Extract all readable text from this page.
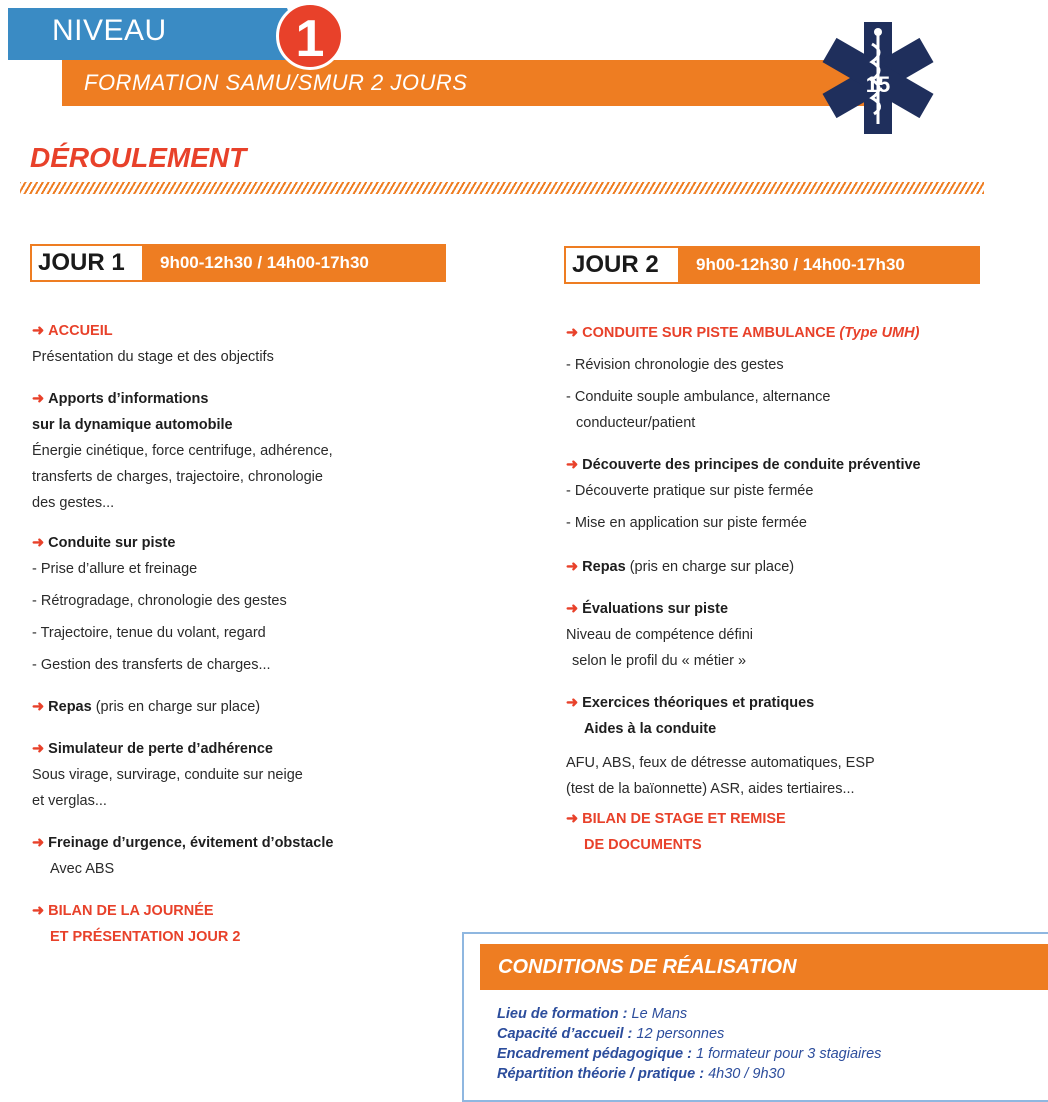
NIVEAU	1
FORMATION SAMU/SMUR 2 JOURS	15
DÉROULEMENT
JOUR 1	9h00-12h30 / 14h00-17h30
➜ ACCUEIL
Présentation du stage et des objectifs
➜ Apports d’informations
sur la dynamique automobile
Énergie cinétique, force centrifuge, adhérence,
transferts de charges, trajectoire, chronologie
des gestes...
➜ Conduite sur piste
- Prise d’allure et freinage
- Rétrogradage, chronologie des gestes
- Trajectoire, tenue du volant, regard
- Gestion des transferts de charges...
➜ Repas (pris en charge sur place)
➜ Simulateur de perte d’adhérence
Sous virage, survirage, conduite sur neige
et verglas...
➜ Freinage d’urgence, évitement d’obstacle
Avec ABS
➜ BILAN DE LA JOURNÉE
ET PRÉSENTATION JOUR 2
JOUR 2	9h00-12h30 / 14h00-17h30
➜ CONDUITE SUR PISTE AMBULANCE (Type UMH)
- Révision chronologie des gestes
- Conduite souple ambulance, alternance
conducteur/patient
➜ Découverte des principes de conduite préventive
- Découverte pratique sur piste fermée
- Mise en application sur piste fermée
➜ Repas (pris en charge sur place)
➜ Évaluations sur piste
Niveau de compétence défini
selon le profil du « métier »
➜ Exercices théoriques et pratiques
Aides à la conduite
AFU, ABS, feux de détresse automatiques, ESP
(test de la baïonnette) ASR, aides tertiaires...
➜ BILAN DE STAGE ET REMISE
DE DOCUMENTS
CONDITIONS DE RÉALISATION
Lieu de formation : Le Mans
Capacité d’accueil : 12 personnes
Encadrement pédagogique : 1 formateur pour 3 stagiaires
Répartition théorie / pratique : 4h30 / 9h30
